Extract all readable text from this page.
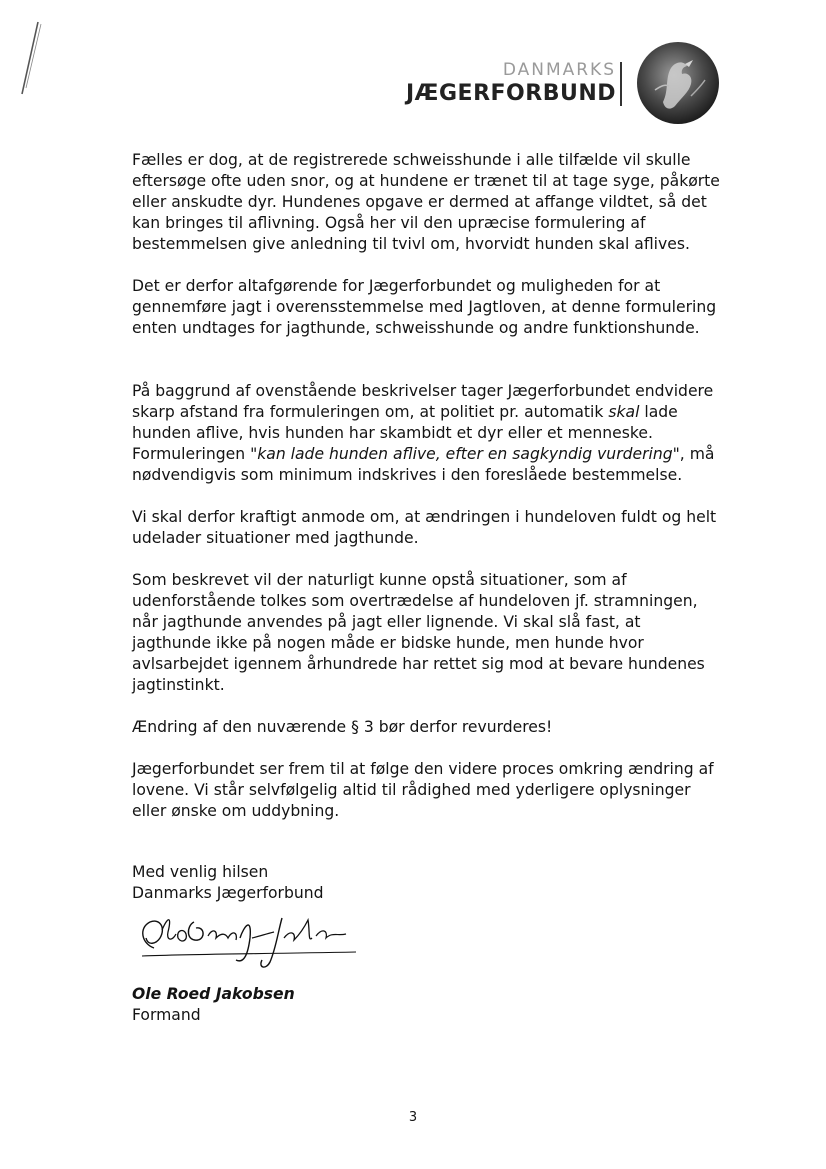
DANMARKS
JÆGERFORBUND

Fælles er dog, at de registrerede schweisshunde i alle tilfælde vil skulle eftersøge ofte uden snor, og at hundene er trænet til at tage syge, påkørte eller anskudte dyr. Hundenes opgave er dermed at affange vildtet, så det kan bringes til aflivning. Også her vil den upræcise formulering af bestemmelsen give anledning til tvivl om, hvorvidt hunden skal aflives.

Det er derfor altafgørende for Jægerforbundet og muligheden for at gennemføre jagt i overensstemmelse med Jagtloven, at denne formulering enten undtages for jagthunde, schweisshunde og andre funktionshunde.

På baggrund af ovenstående beskrivelser tager Jægerforbundet endvidere skarp afstand fra formuleringen om, at politiet pr. automatik skal lade hunden aflive, hvis hunden har skambidt et dyr eller et menneske. Formuleringen "kan lade hunden aflive, efter en sagkyndig vurdering", må nødvendigvis som minimum indskrives i den foreslåede bestemmelse.

Vi skal derfor kraftigt anmode om, at ændringen i hundeloven fuldt og helt udelader situationer med jagthunde.

Som beskrevet vil der naturligt kunne opstå situationer, som af udenforstående tolkes som overtrædelse af hundeloven jf. stramningen, når jagthunde anvendes på jagt eller lignende. Vi skal slå fast, at jagthunde ikke på nogen måde er bidske hunde, men hunde hvor avlsarbejdet igennem århundrede har rettet sig mod at bevare hundenes jagtinstinkt.

Ændring af den nuværende § 3 bør derfor revurderes!

Jægerforbundet ser frem til at følge den videre proces omkring ændring af lovene. Vi står selvfølgelig altid til rådighed med yderligere oplysninger eller ønske om uddybning.

Med venlig hilsen

Danmarks Jægerforbund

Ole Roed Jakobsen

Formand

3
